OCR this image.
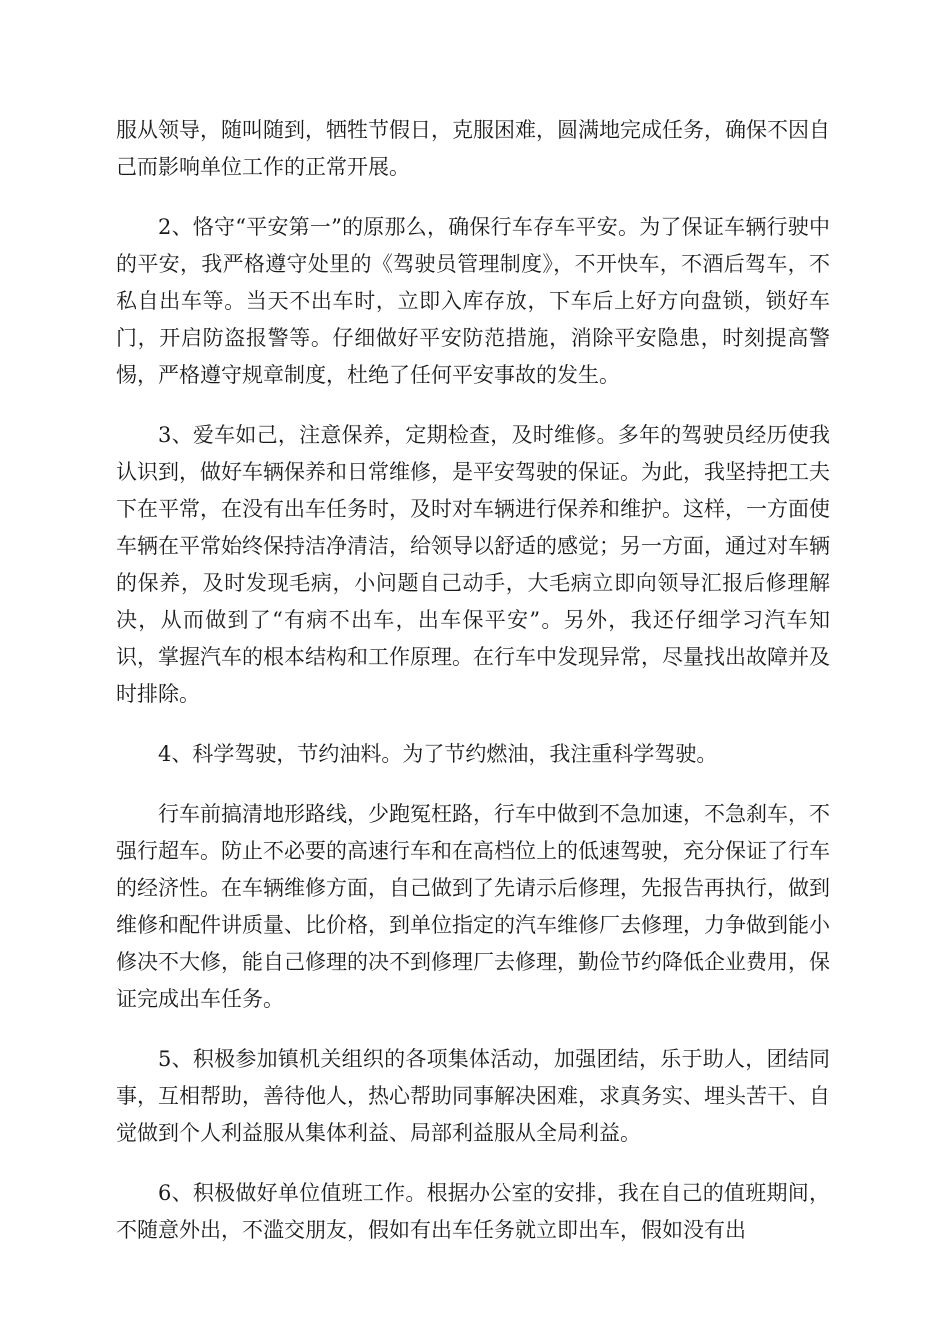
服从领导，随叫随到，牺牲节假日，克服困难，圆满地完成任务，确保不因自己而影响单位工作的正常开展。

2、恪守“平安第一”的原那么，确保行车存车平安。为了保证车辆行驶中的平安，我严格遵守处里的《驾驶员管理制度》，不开快车，不酒后驾车，不私自出车等。当天不出车时，立即入库存放，下车后上好方向盘锁，锁好车门，开启防盗报警等。仔细做好平安防范措施，消除平安隐患，时刻提高警惕，严格遵守规章制度，杜绝了任何平安事故的发生。

3、爱车如己，注意保养，定期检查，及时维修。多年的驾驶员经历使我认识到，做好车辆保养和日常维修，是平安驾驶的保证。为此，我坚持把工夫下在平常，在没有出车任务时，及时对车辆进行保养和维护。这样，一方面使车辆在平常始终保持洁净清洁，给领导以舒适的感觉；另一方面，通过对车辆的保养，及时发现毛病，小问题自己动手，大毛病立即向领导汇报后修理解决，从而做到了“有病不出车，出车保平安”。另外，我还仔细学习汽车知识，掌握汽车的根本结构和工作原理。在行车中发现异常，尽量找出故障并及时排除。

4、科学驾驶，节约油料。为了节约燃油，我注重科学驾驶。

行车前搞清地形路线，少跑冤枉路，行车中做到不急加速，不急刹车，不强行超车。防止不必要的高速行车和在高档位上的低速驾驶，充分保证了行车的经济性。在车辆维修方面，自己做到了先请示后修理，先报告再执行，做到维修和配件讲质量、比价格，到单位指定的汽车维修厂去修理，力争做到能小修决不大修，能自己修理的决不到修理厂去修理，勤俭节约降低企业费用，保证完成出车任务。

5、积极参加镇机关组织的各项集体活动，加强团结，乐于助人，团结同事，互相帮助，善待他人，热心帮助同事解决困难，求真务实、埋头苦干、自觉做到个人利益服从集体利益、局部利益服从全局利益。

6、积极做好单位值班工作。根据办公室的安排，我在自己的值班期间，不随意外出，不滥交朋友，假如有出车任务就立即出车，假如没有出
